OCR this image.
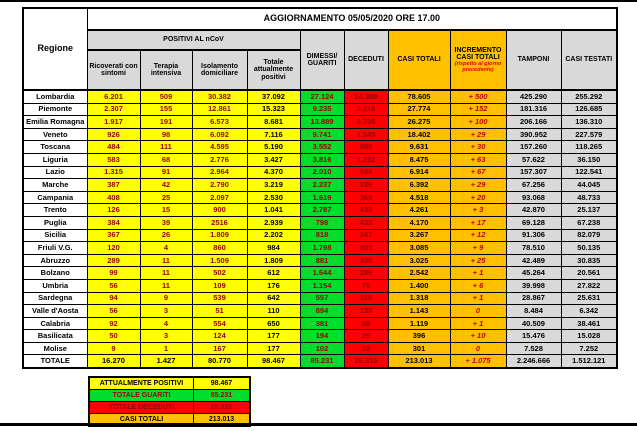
Regione	AGGIORNAMENTO 05/05/2020 ORE 17.00									
	POSITIVI AL nCoV				DIMESSI/ GUARITI	DECEDUTI	CASI TOTALI	INCREMENTO CASI TOTALI
(rispetto al giorno precedente)	TAMPONI	CASI TESTATI
	Ricoverati con sintomi	Terapia intensiva	Isolamento domiciliare	Totale attualmente positivi						
Lombardia	6.201	509	30.382	37.092	27.124	14.389	78.605	+ 500	425.290	255.292
Piemonte	2.307	155	12.861	15.323	9.235	3.216	27.774	+ 152	181.316	126.685
Emilia Romagna	1.917	191	6.573	8.681	13.889	3.705	26.275	+ 100	206.166	136.310
Veneto	926	98	6.092	7.116	9.741	1.545	18.402	+ 29	390.952	227.579
Toscana	484	111	4.595	5.190	3.552	889	9.631	+ 30	157.260	118.265
Liguria	583	68	2.776	3.427	3.816	1.232	8.475	+ 63	57.622	36.150
Lazio	1.315	91	2.964	4.370	2.010	534	6.914	+ 67	157.307	122.541
Marche	387	42	2.790	3.219	2.237	936	6.392	+ 29	67.256	44.045
Campania	408	25	2.097	2.530	1.619	369	4.518	+ 20	93.068	48.733
Trento	126	15	900	1.041	2.787	433	4.261	+ 3	42.870	25.137
Puglia	384	39	2516	2.939	798	433	4.170	+ 17	69.128	67.238
Sicilia	367	26	1.809	2.202	818	247	3.267	+ 12	91.306	82.079
Friuli V.G.	120	4	860	984	1.798	303	3.085	+ 9	78.510	50.135
Abruzzo	289	11	1.509	1.809	881	335	3.025	+ 25	42.489	30.835
Bolzano	99	11	502	612	1.644	286	2.542	+ 1	45.264	20.561
Umbria	56	11	109	176	1.154	70	1.400	+ 6	39.998	27.822
Sardegna	94	9	539	642	557	119	1.318	+ 1	28.867	25.631
Valle d'Aosta	56	3	51	110	894	139	1.143	0	8.484	6.342
Calabria	92	4	554	650	381	88	1.119	+ 1	40.509	38.461
Basilicata	50	3	124	177	194	25	396	+ 10	15.476	15.028
Molise	9	1	167	177	102	22	301	0	7.528	7.252
TOTALE	16.270	1.427	80.770	98.467	85.231	29.315	213.013	+ 1.075	2.246.666	1.512.121
ATTUALMENTE POSITIVI	98.467
TOTALE GUARITI	85.231
TOTALE DECEDUTI	29.315
CASI TOTALI	213.013
